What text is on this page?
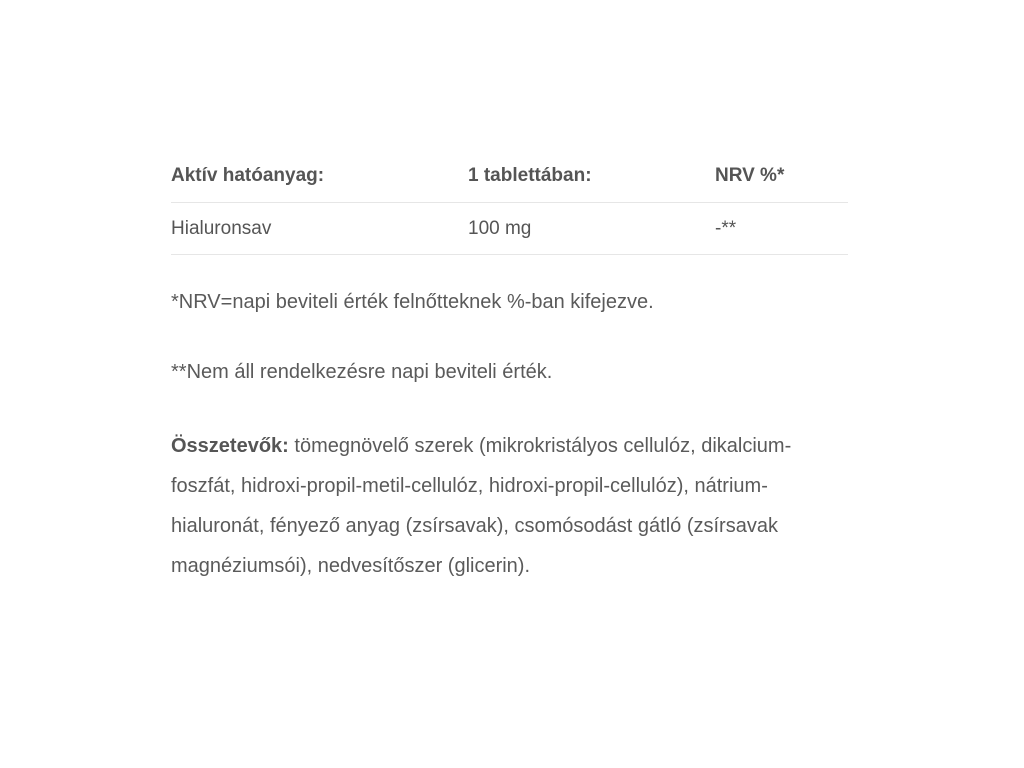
Aktív hatóanyag:	1 tablettában:	NRV %*
Hialuronsav	100 mg	-**

*NRV=napi beviteli érték felnőtteknek %-ban kifejezve.

**Nem áll rendelkezésre napi beviteli érték.

Összetevők: tömegnövelő szerek (mikrokristályos cellulóz, dikalcium-foszfát, hidroxi-propil-metil-cellulóz, hidroxi-propil-cellulóz), nátrium-hialuronát, fényező anyag (zsírsavak), csomósodást gátló (zsírsavak magnéziumsói), nedvesítőszer (glicerin).
